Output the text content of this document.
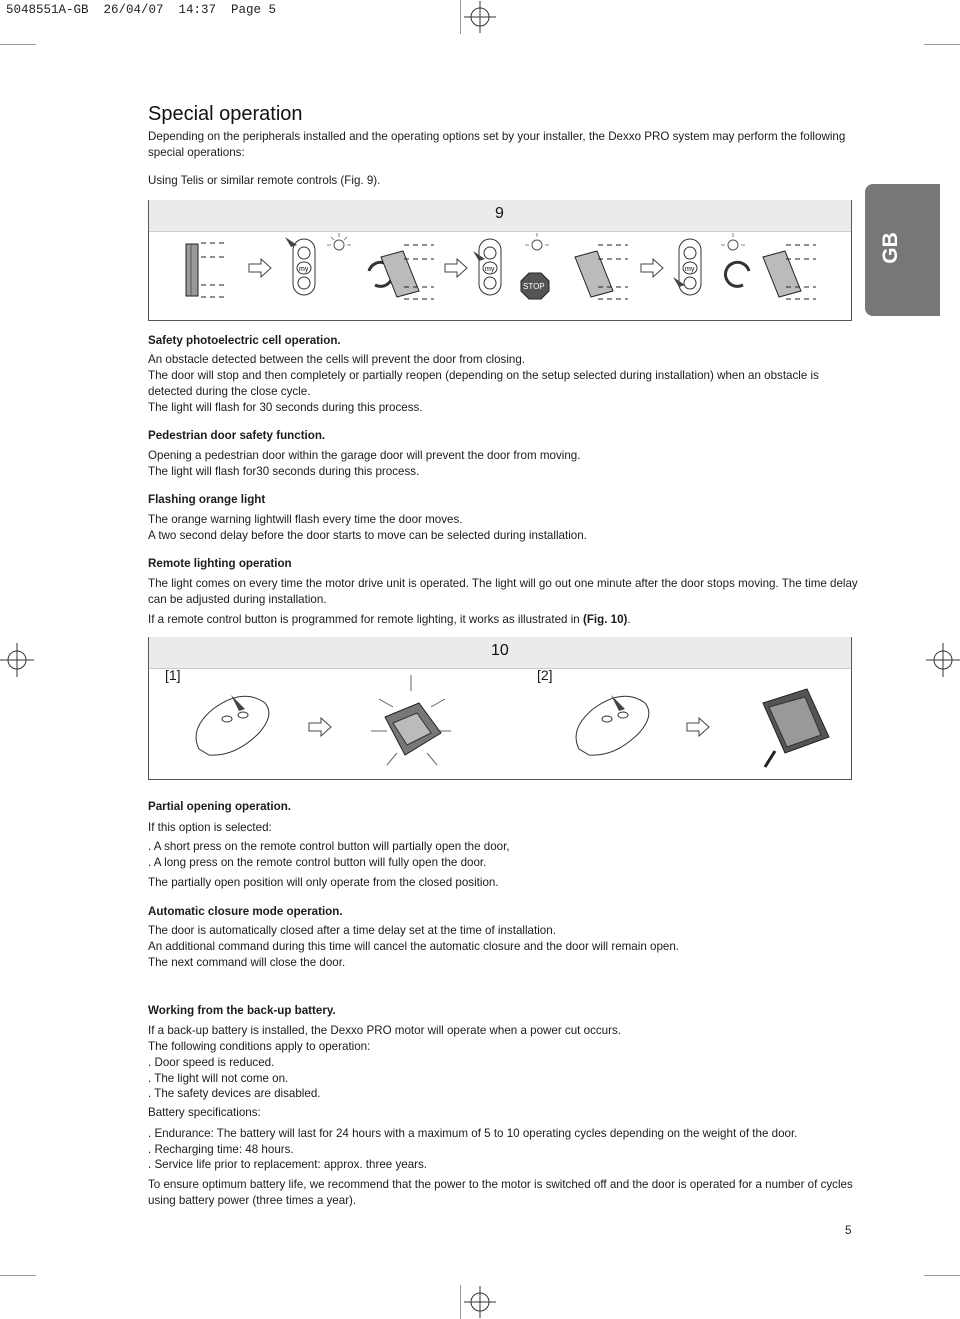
5048551A-GB  26/04/07  14:37  Page 5
GB
Special operation

Depending on the peripherals installed and the operating options set by your installer, the Dexxo PRO system may perform the following special operations:

Using Telis or similar remote controls (Fig. 9).

9
my	my
STOP
my

Safety photoelectric cell operation.

An obstacle detected between the cells will prevent the door from closing.

The door will stop and then completely or partially reopen (depending on the setup selected during installation) when an obstacle is detected during the close cycle.

The light will flash for 30 seconds during this process.

Pedestrian door safety function.

Opening a pedestrian door within the garage door will prevent the door from moving.

The light will flash for30 seconds during this process.

Flashing orange light

The orange warning lightwill flash every time the door moves.

A two second delay before the door starts to move can be selected during installation.

Remote lighting operation

The light comes on every time the motor drive unit is operated. The light will go out one minute after the door stops moving. The time delay can be adjusted during installation.

If a remote control button is programmed for remote lighting, it works as illustrated in (Fig. 10).

10
[1]	[2]

Partial opening operation.

If this option is selected:

. A short press on the remote control button will partially open the door,

. A long press on the remote control button will fully open the door.

The partially open position will only operate from the closed position.

Automatic closure mode operation.

The door is automatically closed after a time delay set at the time of installation.

An additional command during this time will cancel the automatic closure and the door will remain open.

The next command will close the door.

Working from the back-up battery.

If a back-up battery is installed, the Dexxo PRO motor will operate when a power cut occurs.

The following conditions apply to operation:

. Door speed is reduced.

. The light will not come on.

. The safety devices are disabled.

Battery specifications:

. Endurance: The battery will last for 24 hours with a maximum of 5 to 10 operating cycles depending on the weight of the door.

. Recharging time: 48 hours.

. Service life prior to replacement: approx. three years.

To ensure optimum battery life, we recommend that the power to the motor is switched off and the door is operated for a number of cycles using battery power (three times a year).

5
